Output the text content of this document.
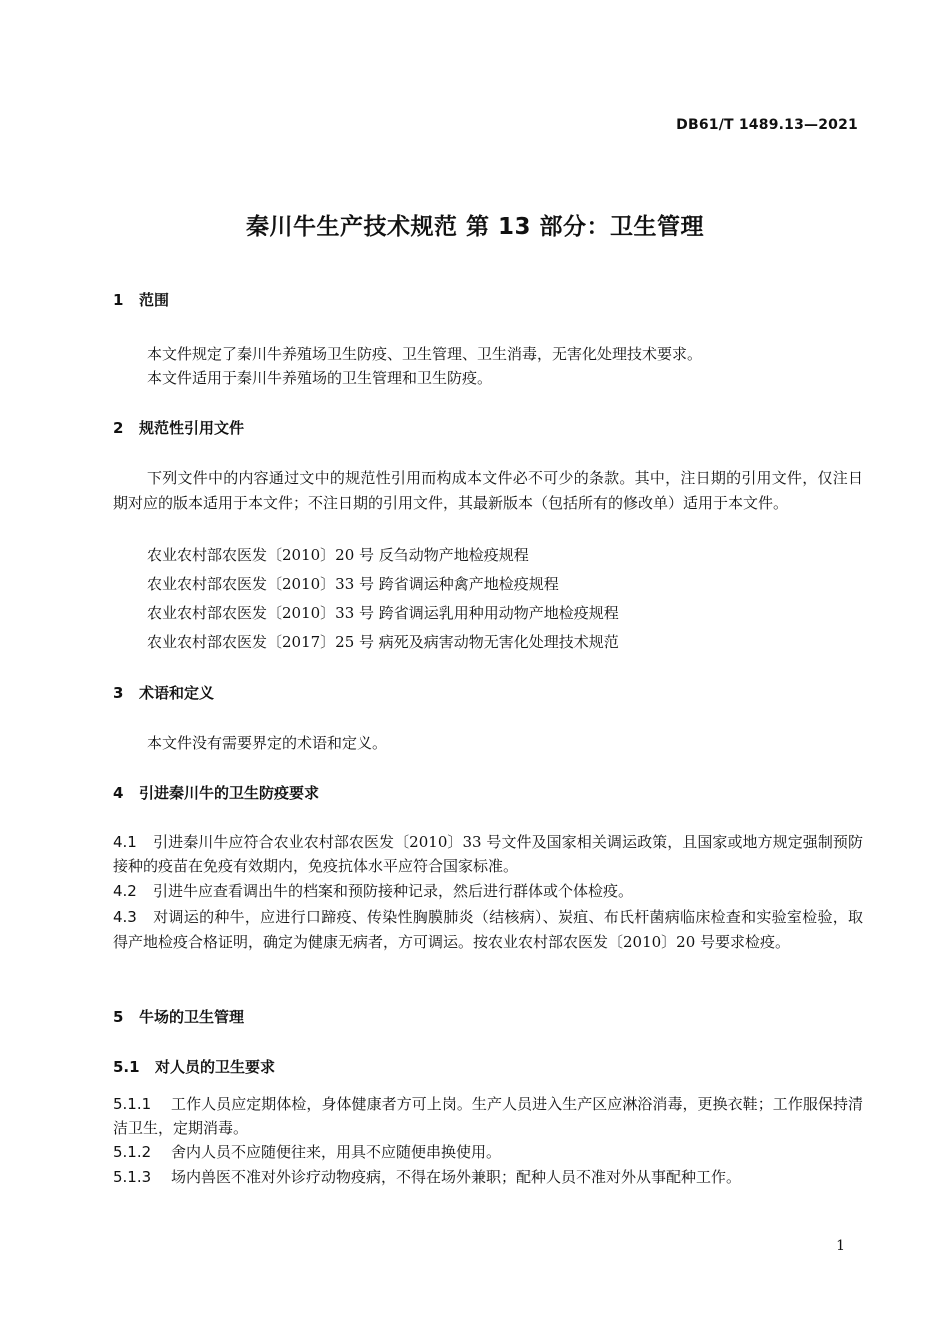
DB61/T 1489.13—2021
秦川牛生产技术规范 第 13 部分：卫生管理
1 范围
本文件规定了秦川牛养殖场卫生防疫、卫生管理、卫生消毒，无害化处理技术要求。
本文件适用于秦川牛养殖场的卫生管理和卫生防疫。
2 规范性引用文件
下列文件中的内容通过文中的规范性引用而构成本文件必不可少的条款。其中，注日期的引用文件，仅注日期对应的版本适用于本文件；不注日期的引用文件，其最新版本（包括所有的修改单）适用于本文件。
农业农村部农医发〔2010〕20 号 反刍动物产地检疫规程
农业农村部农医发〔2010〕33 号 跨省调运种禽产地检疫规程
农业农村部农医发〔2010〕33 号 跨省调运乳用种用动物产地检疫规程
农业农村部农医发〔2017〕25 号 病死及病害动物无害化处理技术规范
3 术语和定义
本文件没有需要界定的术语和定义。
4 引进秦川牛的卫生防疫要求
4.1 引进秦川牛应符合农业农村部农医发〔2010〕33 号文件及国家相关调运政策，且国家或地方规定强制预防接种的疫苗在免疫有效期内，免疫抗体水平应符合国家标准。
4.2 引进牛应查看调出牛的档案和预防接种记录，然后进行群体或个体检疫。
4.3 对调运的种牛，应进行口蹄疫、传染性胸膜肺炎（结核病）、炭疽、布氏杆菌病临床检查和实验室检验，取得产地检疫合格证明，确定为健康无病者，方可调运。按农业农村部农医发〔2010〕20 号要求检疫。
5 牛场的卫生管理
5.1 对人员的卫生要求
5.1.1 工作人员应定期体检，身体健康者方可上岗。生产人员进入生产区应淋浴消毒，更换衣鞋；工作服保持清洁卫生，定期消毒。
5.1.2 舍内人员不应随便往来，用具不应随便串换使用。
5.1.3 场内兽医不准对外诊疗动物疫病，不得在场外兼职；配种人员不准对外从事配种工作。
1
